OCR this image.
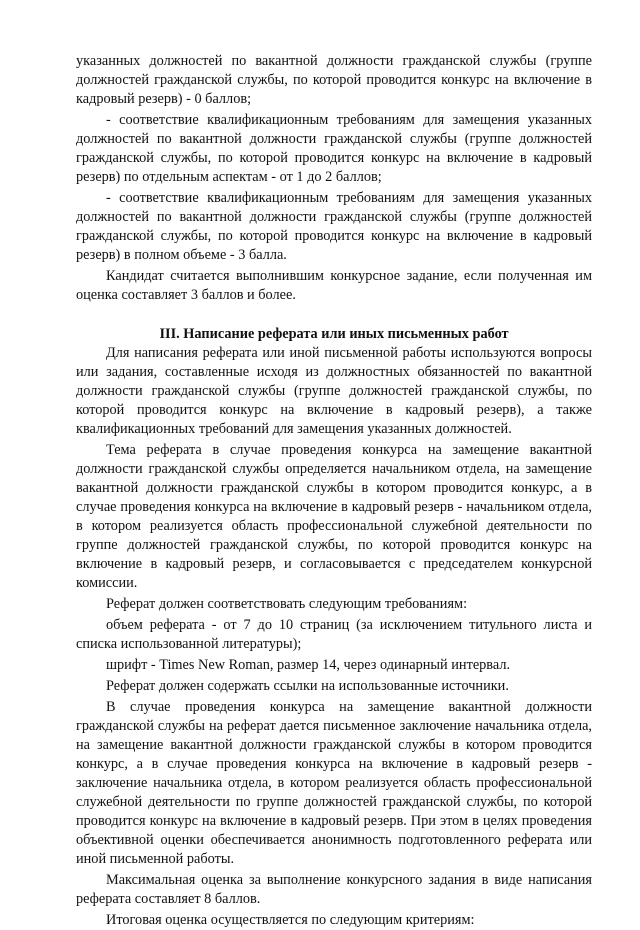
указанных должностей по вакантной должности гражданской службы (группе должностей гражданской службы, по которой проводится конкурс на включение в кадровый резерв) - 0 баллов;

- соответствие квалификационным требованиям для замещения указанных должностей по вакантной должности гражданской службы (группе должностей гражданской службы, по которой проводится конкурс на включение в кадровый резерв) по отдельным аспектам - от 1 до 2 баллов;

- соответствие квалификационным требованиям для замещения указанных должностей по вакантной должности гражданской службы (группе должностей гражданской службы, по которой проводится конкурс на включение в кадровый резерв) в полном объеме - 3 балла.

Кандидат считается выполнившим конкурсное задание, если полученная им оценка составляет 3 баллов и более.

III. Написание реферата или иных письменных работ

Для написания реферата или иной письменной работы используются вопросы или задания, составленные исходя из должностных обязанностей по вакантной должности гражданской службы (группе должностей гражданской службы, по которой проводится конкурс на включение в кадровый резерв), а также квалификационных требований для замещения указанных должностей.

Тема реферата в случае проведения конкурса на замещение вакантной должности гражданской службы определяется начальником отдела, на замещение вакантной должности гражданской службы в котором проводится конкурс, а в случае проведения конкурса на включение в кадровый резерв - начальником отдела, в котором реализуется область профессиональной служебной деятельности по группе должностей гражданской службы, по которой проводится конкурс на включение в кадровый резерв, и согласовывается с председателем конкурсной комиссии.

Реферат должен соответствовать следующим требованиям:

объем реферата - от 7 до 10 страниц (за исключением титульного листа и списка использованной литературы);

шрифт - Times New Roman, размер 14, через одинарный интервал.

Реферат должен содержать ссылки на использованные источники.

В случае проведения конкурса на замещение вакантной должности гражданской службы на реферат дается письменное заключение начальника отдела, на замещение вакантной должности гражданской службы в котором проводится конкурс, а в случае проведения конкурса на включение в кадровый резерв - заключение начальника отдела, в котором реализуется область профессиональной служебной деятельности по группе должностей гражданской службы, по которой проводится конкурс на включение в кадровый резерв. При этом в целях проведения объективной оценки обеспечивается анонимность подготовленного реферата или иной письменной работы.

Максимальная оценка за выполнение конкурсного задания в виде написания реферата составляет 8 баллов.

Итоговая оценка осуществляется по следующим критериям:
